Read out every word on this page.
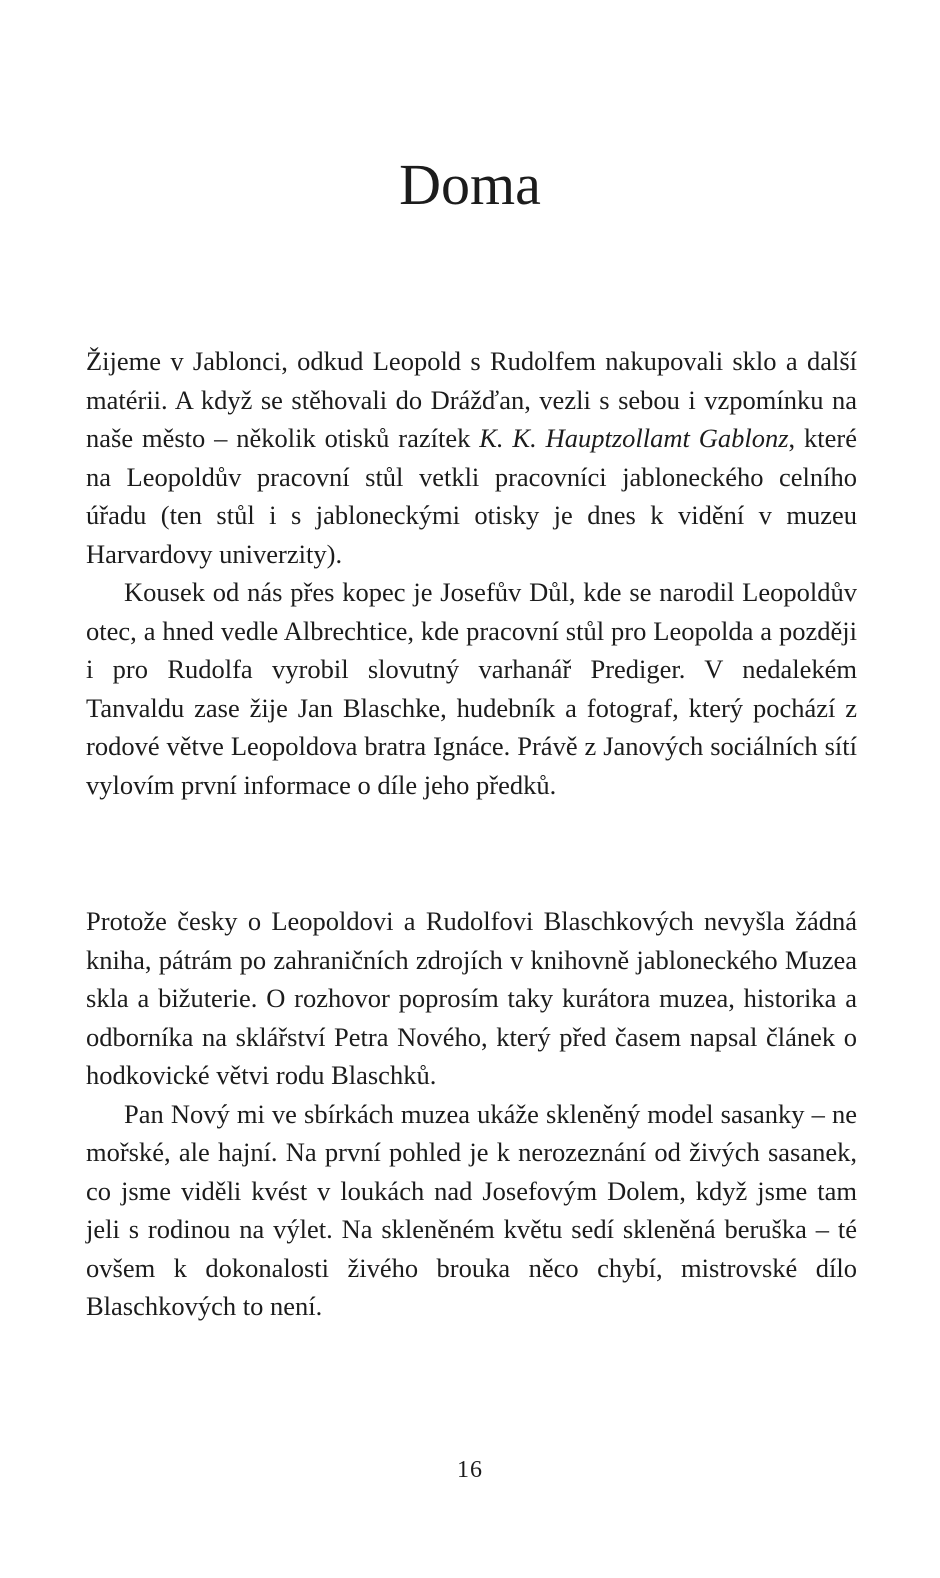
Doma

Žijeme v Jablonci, odkud Leopold s Rudolfem nakupovali sklo a další matérii. A když se stěhovali do Drážďan, vezli s sebou i vzpomínku na naše město – několik otisků razítek K. K. Hauptzollamt Gablonz, které na Leopoldův pracovní stůl vetkli pracovníci jabloneckého celního úřadu (ten stůl i s jabloneckými otisky je dnes k vidění v muzeu Harvardovy univerzity).

Kousek od nás přes kopec je Josefův Důl, kde se narodil Leopoldův otec, a hned vedle Albrechtice, kde pracovní stůl pro Leopolda a později i pro Rudolfa vyrobil slovutný varhanář Prediger. V nedalekém Tanvaldu zase žije Jan Blaschke, hudebník a fotograf, který pochází z rodové větve Leopoldova bratra Ignáce. Právě z Janových sociálních sítí vylovím první informace o díle jeho předků.

Protože česky o Leopoldovi a Rudolfovi Blaschkových nevyšla žádná kniha, pátrám po zahraničních zdrojích v knihovně jabloneckého Muzea skla a bižuterie. O rozhovor poprosím taky kurátora muzea, historika a odborníka na sklářství Petra Nového, který před časem napsal článek o hodkovické větvi rodu Blaschků.

Pan Nový mi ve sbírkách muzea ukáže skleněný model sasanky – ne mořské, ale hajní. Na první pohled je k nerozeznání od živých sasanek, co jsme viděli kvést v loukách nad Josefovým Dolem, když jsme tam jeli s rodinou na výlet. Na skleněném květu sedí skleněná beruška – té ovšem k dokonalosti živého brouka něco chybí, mistrovské dílo Blaschkových to není.

16
